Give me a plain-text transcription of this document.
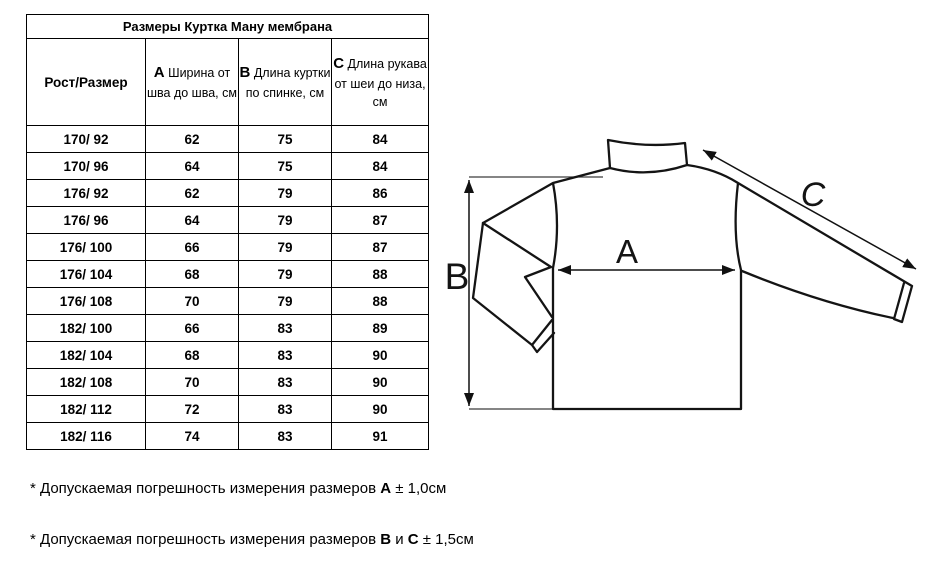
Размеры Куртка Ману мембрана			
Рост/Размер	A Ширина от шва до шва, см	B Длина куртки по спинке, см	C Длина рукава от шеи до низа, см
170/ 92	62	75	84
170/ 96	64	75	84
176/ 92	62	79	86
176/ 96	64	79	87
176/ 100	66	79	87
176/ 104	68	79	88
176/ 108	70	79	88
182/ 100	66	83	89
182/ 104	68	83	90
182/ 108	70	83	90
182/ 112	72	83	90
182/ 116	74	83	91
A
B
C
* Допускаемая погрешность измерения размеров A ± 1,0см
* Допускаемая погрешность измерения размеров B и C ± 1,5см
